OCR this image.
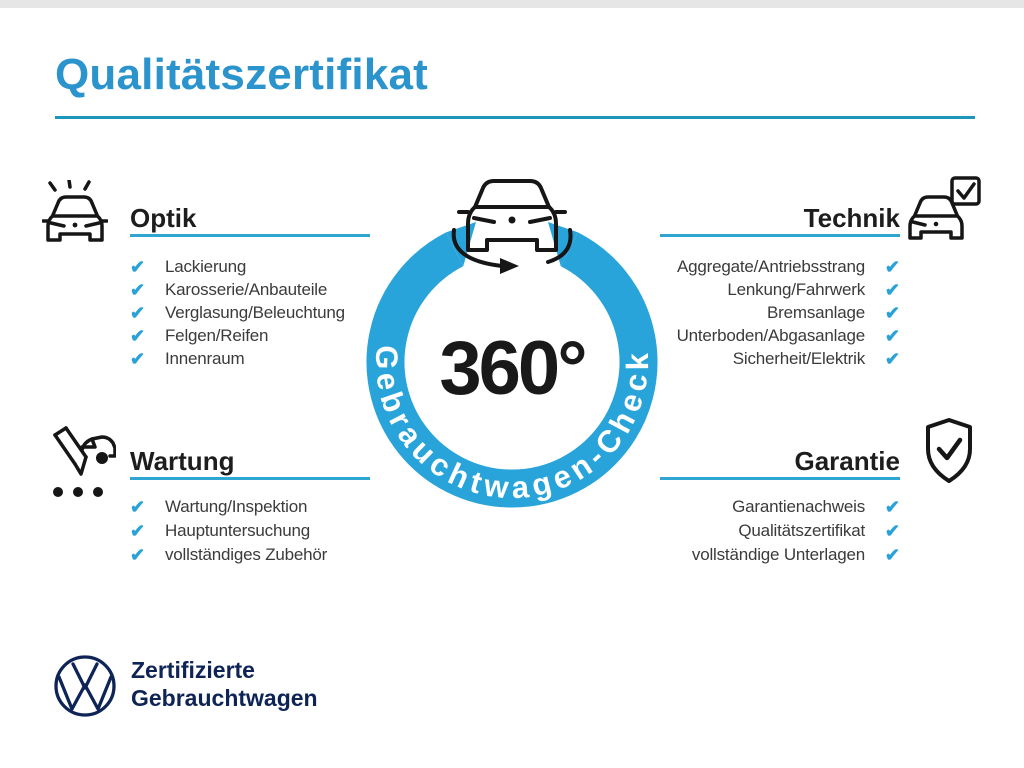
Qualitätszertifikat
Gebrauchtwagen-Check
360°
Optik
✔	Lackierung
✔	Karosserie/Anbauteile
✔	Verglasung/Beleuchtung
✔	Felgen/Reifen
✔	Innenraum
Technik
Aggregate/Antriebsstrang	✔
Lenkung/Fahrwerk	✔
Bremsanlage	✔
Unterboden/Abgasanlage	✔
Sicherheit/Elektrik	✔
Wartung
✔	Wartung/Inspektion
✔	Hauptuntersuchung
✔	vollständiges Zubehör
Garantie
Garantienachweis	✔
Qualitätszertifikat	✔
vollständige Unterlagen	✔
Zertifizierte
Gebrauchtwagen
